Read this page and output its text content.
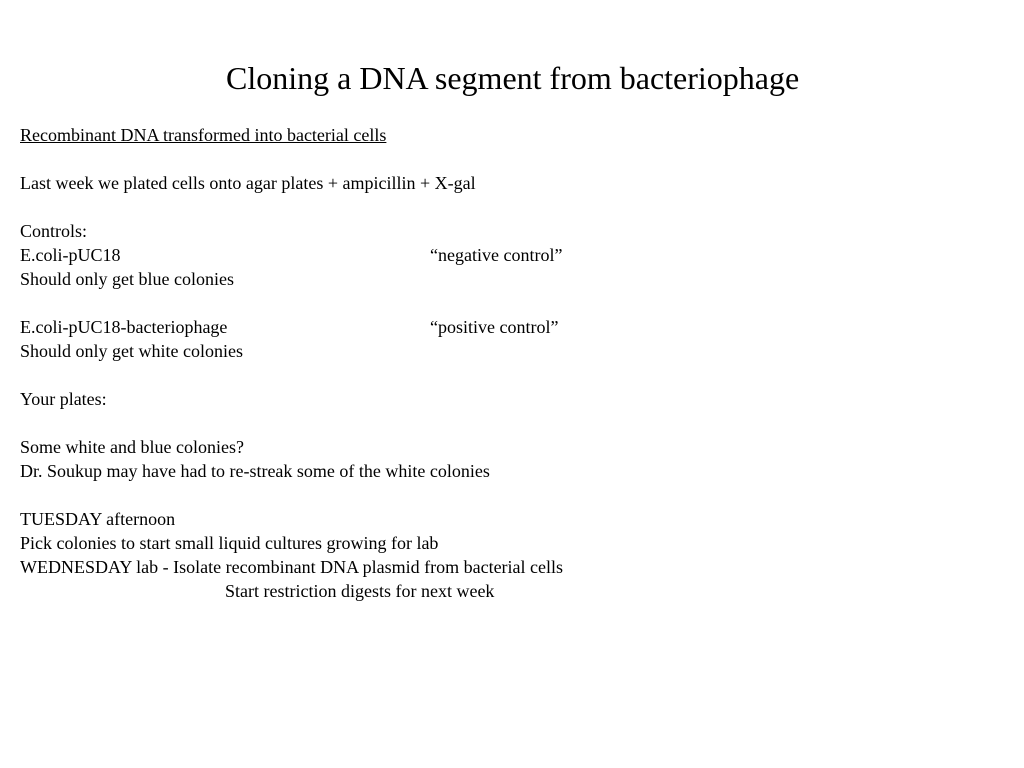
Cloning a DNA segment from bacteriophage
Recombinant DNA transformed into bacterial cells
Last week we plated cells onto agar plates + ampicillin + X-gal
Controls:
E.coli-pUC18	“negative control”
Should only get blue colonies
E.coli-pUC18-bacteriophage	“positive control”
Should only get white colonies
Your plates:
Some white and blue colonies?
Dr. Soukup may have had to re-streak some of the white colonies
TUESDAY afternoon
Pick colonies to start small liquid cultures growing for lab
WEDNESDAY lab - Isolate recombinant DNA plasmid from bacterial cells
Start restriction digests for next week
